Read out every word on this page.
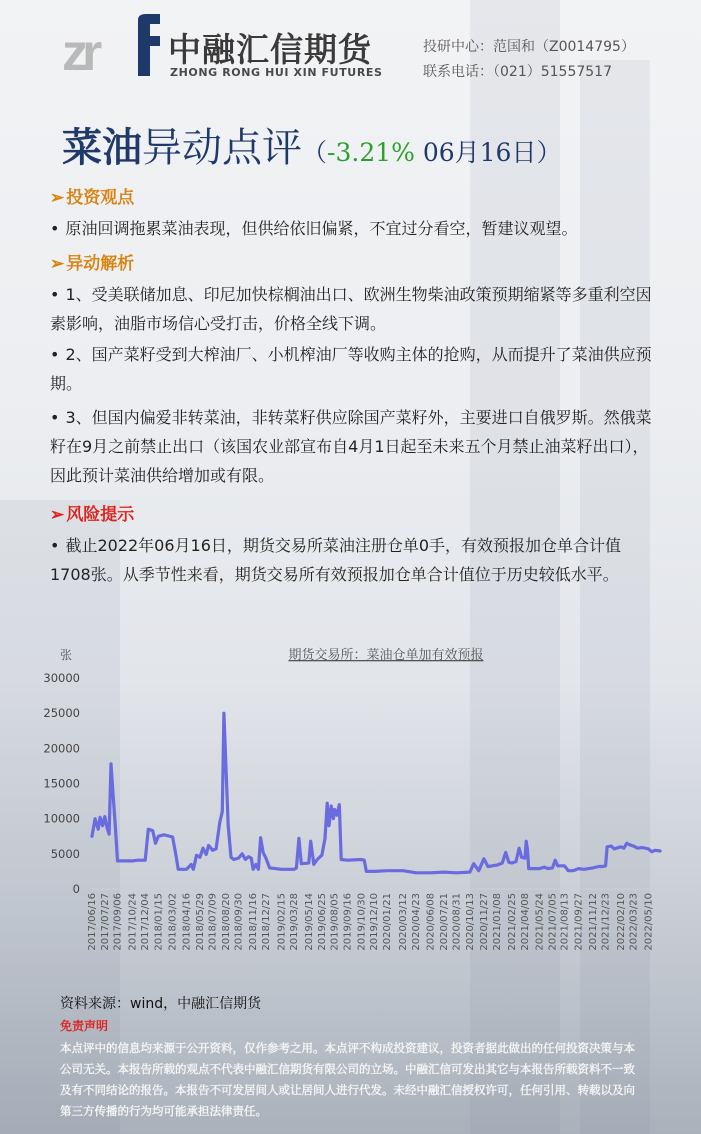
zr 中融汇信期货
ZHONG RONG HUI XIN FUTURES
投研中心：范国和（Z0014795）
联系电话：（021）51557517
菜油异动点评（-3.21% 06月16日）
➢ 投资观点
• 原油回调拖累菜油表现，但供给依旧偏紧，不宜过分看空，暂建议观望。
➢ 异动解析
• 1、受美联储加息、印尼加快棕榈油出口、欧洲生物柴油政策预期缩紧等多重利空因素影响，油脂市场信心受打击，价格全线下调。
• 2、国产菜籽受到大榨油厂、小机榨油厂等收购主体的抢购，从而提升了菜油供应预期。
• 3、但国内偏爱非转菜油，非转菜籽供应除国产菜籽外，主要进口自俄罗斯。然俄菜籽在9月之前禁止出口（该国农业部宣布自4月1日起至未来五个月禁止油菜籽出口），因此预计菜油供给增加或有限。
➢ 风险提示
• 截止2022年06月16日，期货交易所菜油注册仓单0手，有效预报加仓单合计值1708张。从季节性来看，期货交易所有效预报加仓单合计值位于历史较低水平。
期货交易所：菜油仓单加有效预报
张
0
5000
10000
15000
20000
25000
30000
2017/06/16 2017/07/27 2017/09/06 2017/10/24 2017/12/04 2018/01/15 2018/03/02 2018/04/16 2018/05/29 2018/07/09 2018/08/20 2018/09/30 2018/11/16 2018/12/27 2019/02/15 2019/03/28 2019/05/14 2019/06/25 2019/08/05 2019/09/16 2019/10/30 2019/12/10 2020/01/21 2020/03/12 2020/04/23 2020/06/08 2020/07/21 2020/08/31 2020/10/13 2020/11/27 2021/01/08 2021/02/25 2021/04/08 2021/05/24 2021/07/05 2021/08/13 2021/09/27 2021/11/12 2021/12/23 2022/02/10 2022/03/23 2022/05/10
资料来源：wind，中融汇信期货
免责声明
本点评中的信息均来源于公开资料，仅作参考之用。本点评不构成投资建议，投资者据此做出的任何投资决策与本公司无关。本报告所载的观点不代表中融汇信期货有限公司的立场。中融汇信可发出其它与本报告所载资料不一致及有不同结论的报告。本报告不可发居间人或让居间人进行代发。未经中融汇信授权许可，任何引用、转载以及向第三方传播的行为均可能承担法律责任。
